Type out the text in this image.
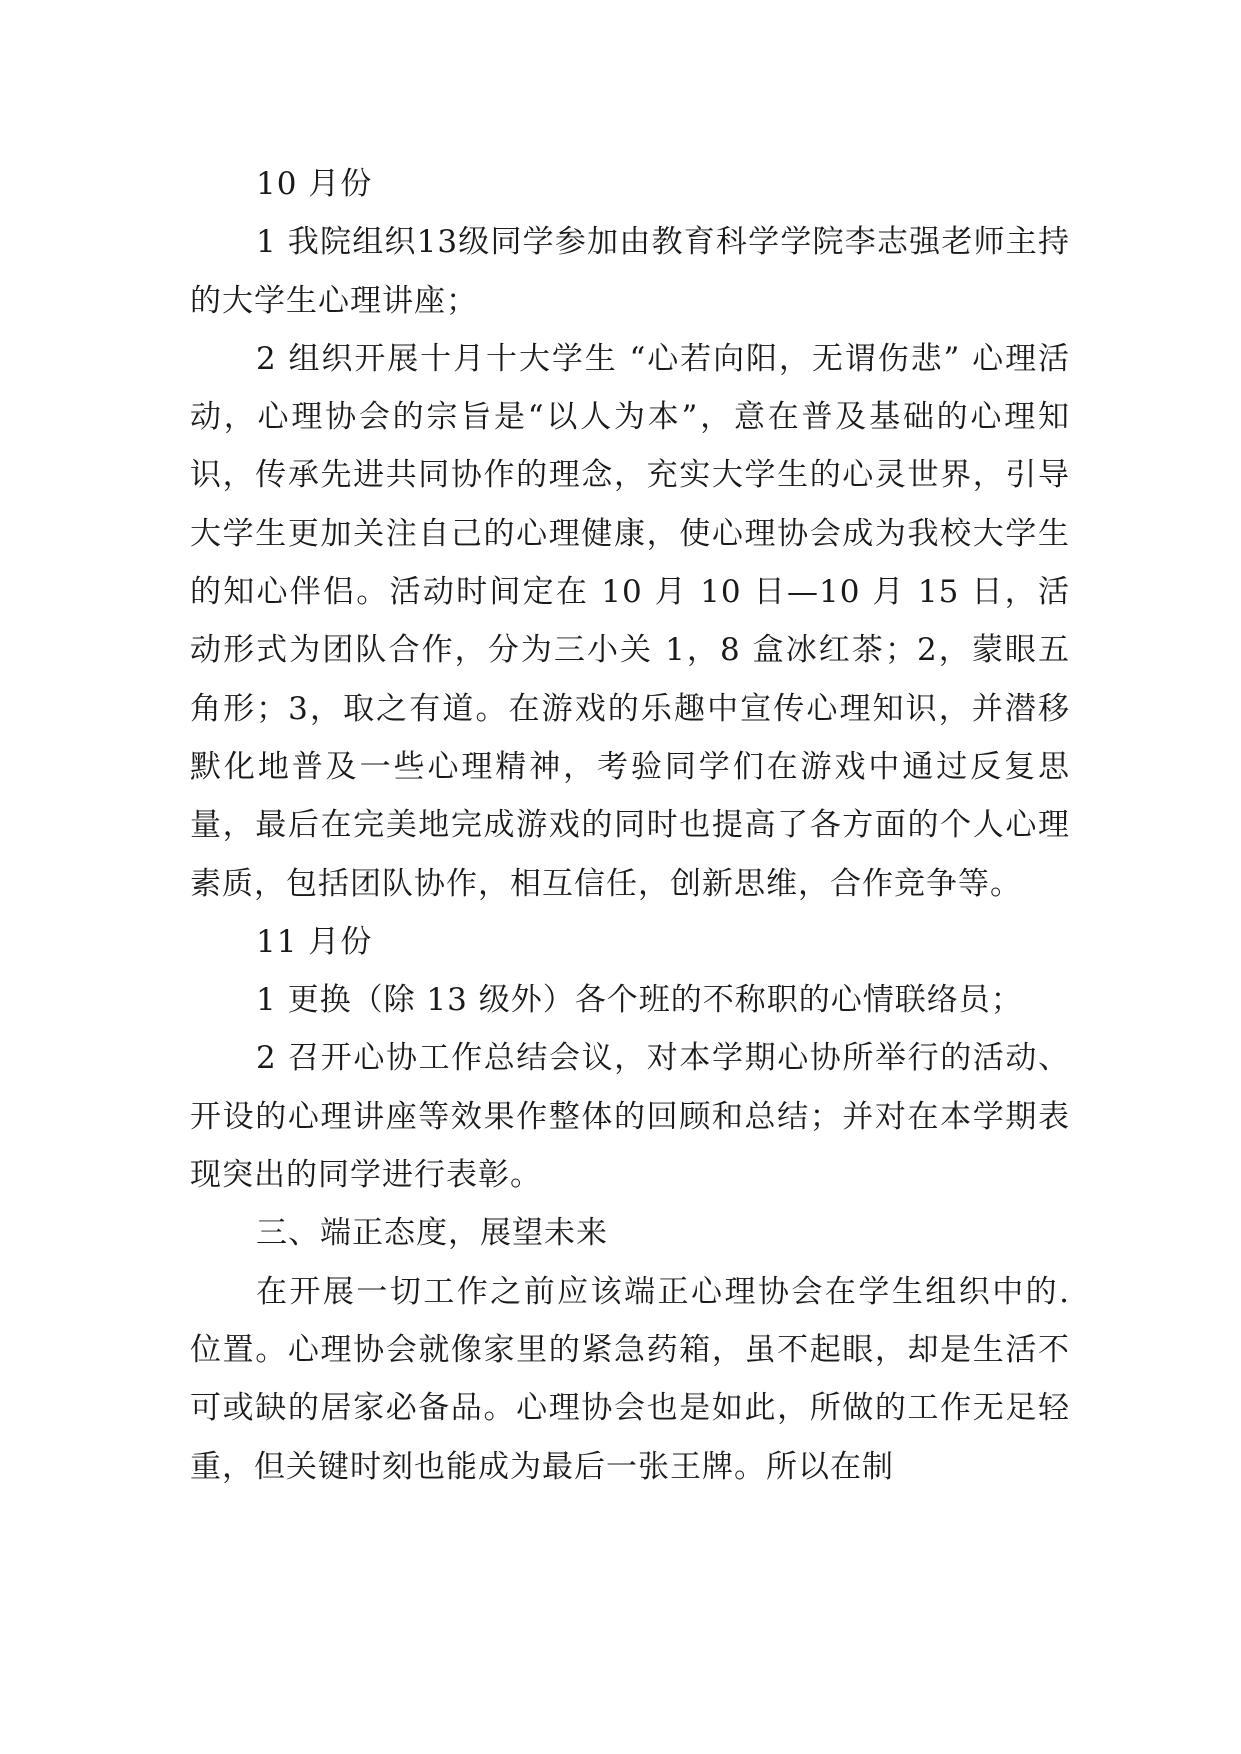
10 月份

1 我院组织13级同学参加由教育科学学院李志强老师主持的大学生心理讲座；

2 组织开展十月十大学生 “心若向阳，无谓伤悲” 心理活动，心理协会的宗旨是“以人为本”，意在普及基础的心理知识，传承先进共同协作的理念，充实大学生的心灵世界，引导大学生更加关注自己的心理健康，使心理协会成为我校大学生的知心伴侣。活动时间定在 10 月 10 日—10 月 15 日，活动形式为团队合作，分为三小关 1，8 盒冰红茶；2，蒙眼五角形；3，取之有道。在游戏的乐趣中宣传心理知识，并潜移默化地普及一些心理精神，考验同学们在游戏中通过反复思量，最后在完美地完成游戏的同时也提高了各方面的个人心理素质，包括团队协作，相互信任，创新思维，合作竞争等。

11 月份

1 更换（除 13 级外）各个班的不称职的心情联络员；

2 召开心协工作总结会议，对本学期心协所举行的活动、开设的心理讲座等效果作整体的回顾和总结；并对在本学期表现突出的同学进行表彰。

三、端正态度，展望未来

在开展一切工作之前应该端正心理协会在学生组织中的. 位置。心理协会就像家里的紧急药箱，虽不起眼，却是生活不可或缺的居家必备品。心理协会也是如此，所做的工作无足轻重，但关键时刻也能成为最后一张王牌。所以在制
